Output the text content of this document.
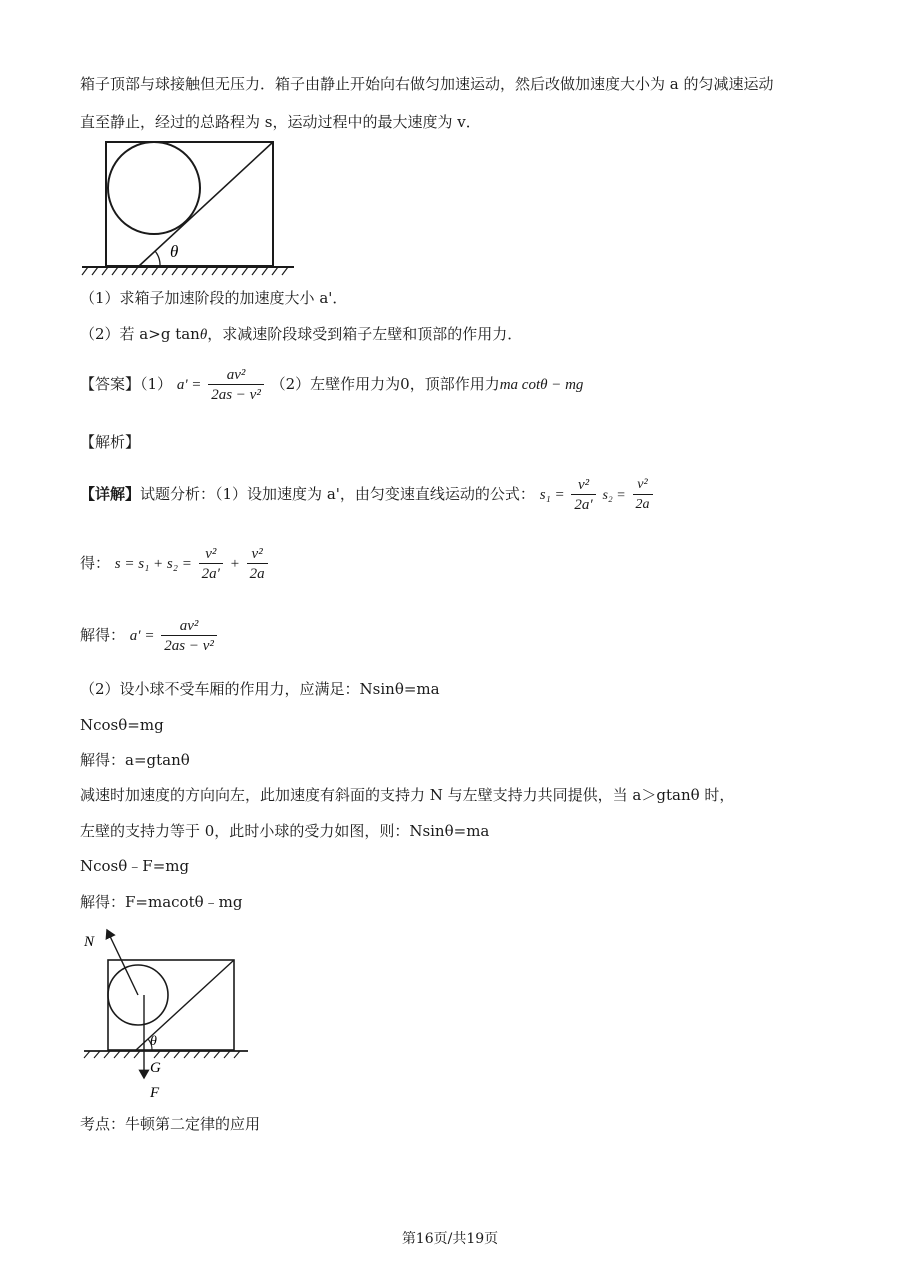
箱子顶部与球接触但无压力．箱子由静止开始向右做匀加速运动，然后改做加速度大小为 a 的匀减速运动
直至静止，经过的总路程为 s，运动过程中的最大速度为 v．
θ
（1）求箱子加速阶段的加速度大小 a'．
（2）若 a>g tanθ，求减速阶段球受到箱子左壁和顶部的作用力．
【答案】（1） $a' = \frac{\text{av²}}{\text{2as − v²}} (2)$左壁作用力为0，顶部作用力ma cotθ − mg
【解析】
【详解】试题分析：（1）设加速度为 a'，由匀变速直线运动的公式： $s_1 = \frac{\text{v²}}{2a'} s_2 = \frac{\text{v²}}{2a}$
得： $s = s_1 + s_2 = \frac{\text{v²}}{2a'} + \frac{\text{v²}}{2a}$
解得： $a' = \frac{\text{av²}}{\text{2as − v²}}$
（2）设小球不受车厢的作用力，应满足：Nsinθ=ma
Ncosθ=mg
解得：a=gtanθ
减速时加速度的方向向左，此加速度有斜面的支持力 N 与左壁支持力共同提供，当 a＞gtanθ 时，
左壁的支持力等于 0，此时小球的受力如图，则：Nsinθ=ma
Ncosθ﹣F=mg
解得：F=macotθ﹣mg
N
θ
G
F
考点：牛顿第二定律的应用
第16页/共19页
